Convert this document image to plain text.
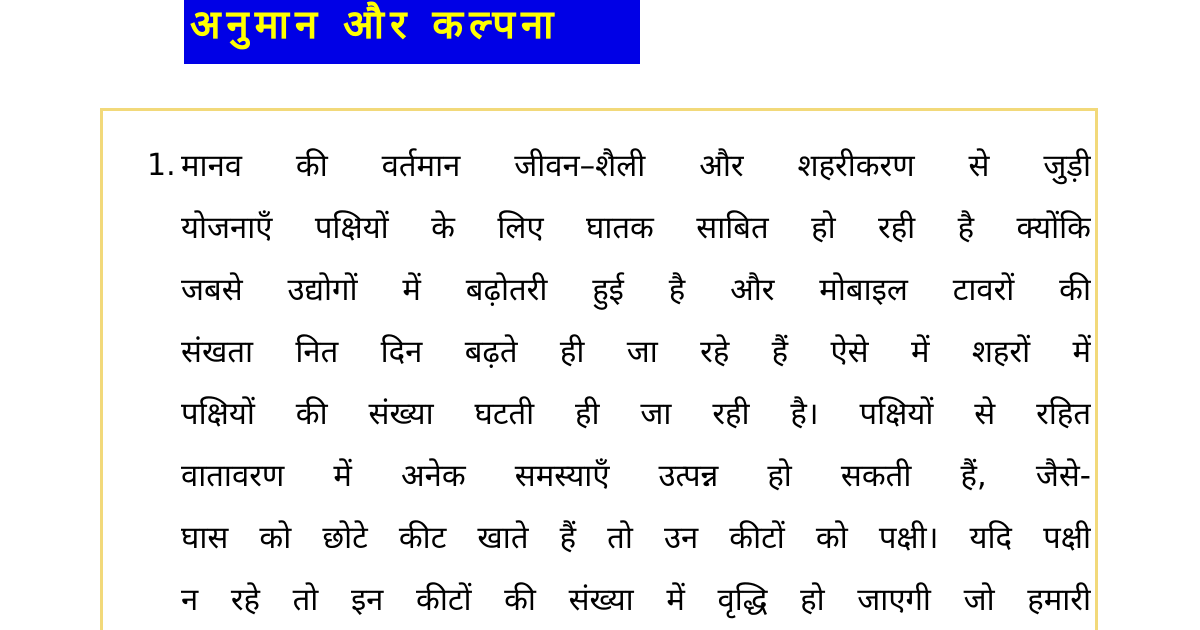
अनुमान और कल्पना
1. मानव की वर्तमान जीवन–शैली और शहरीकरण से जुड़ी
योजनाएँ पक्षियों के लिए घातक साबित हो रही है क्योंकि
जबसे उद्योगों में बढ़ोतरी हुई है और मोबाइल टावरों की
संखता नित दिन बढ़ते ही जा रहे हैं ऐसे में शहरों में
पक्षियों की संख्या घटती ही जा रही है। पक्षियों से रहित
वातावरण में अनेक समस्याएँ उत्पन्न हो सकती हैं, जैसे-
घास को छोटे कीट खाते हैं तो उन कीटों को पक्षी। यदि पक्षी
न रहे तो इन कीटों की संख्या में वृद्धि हो जाएगी जो हमारी
